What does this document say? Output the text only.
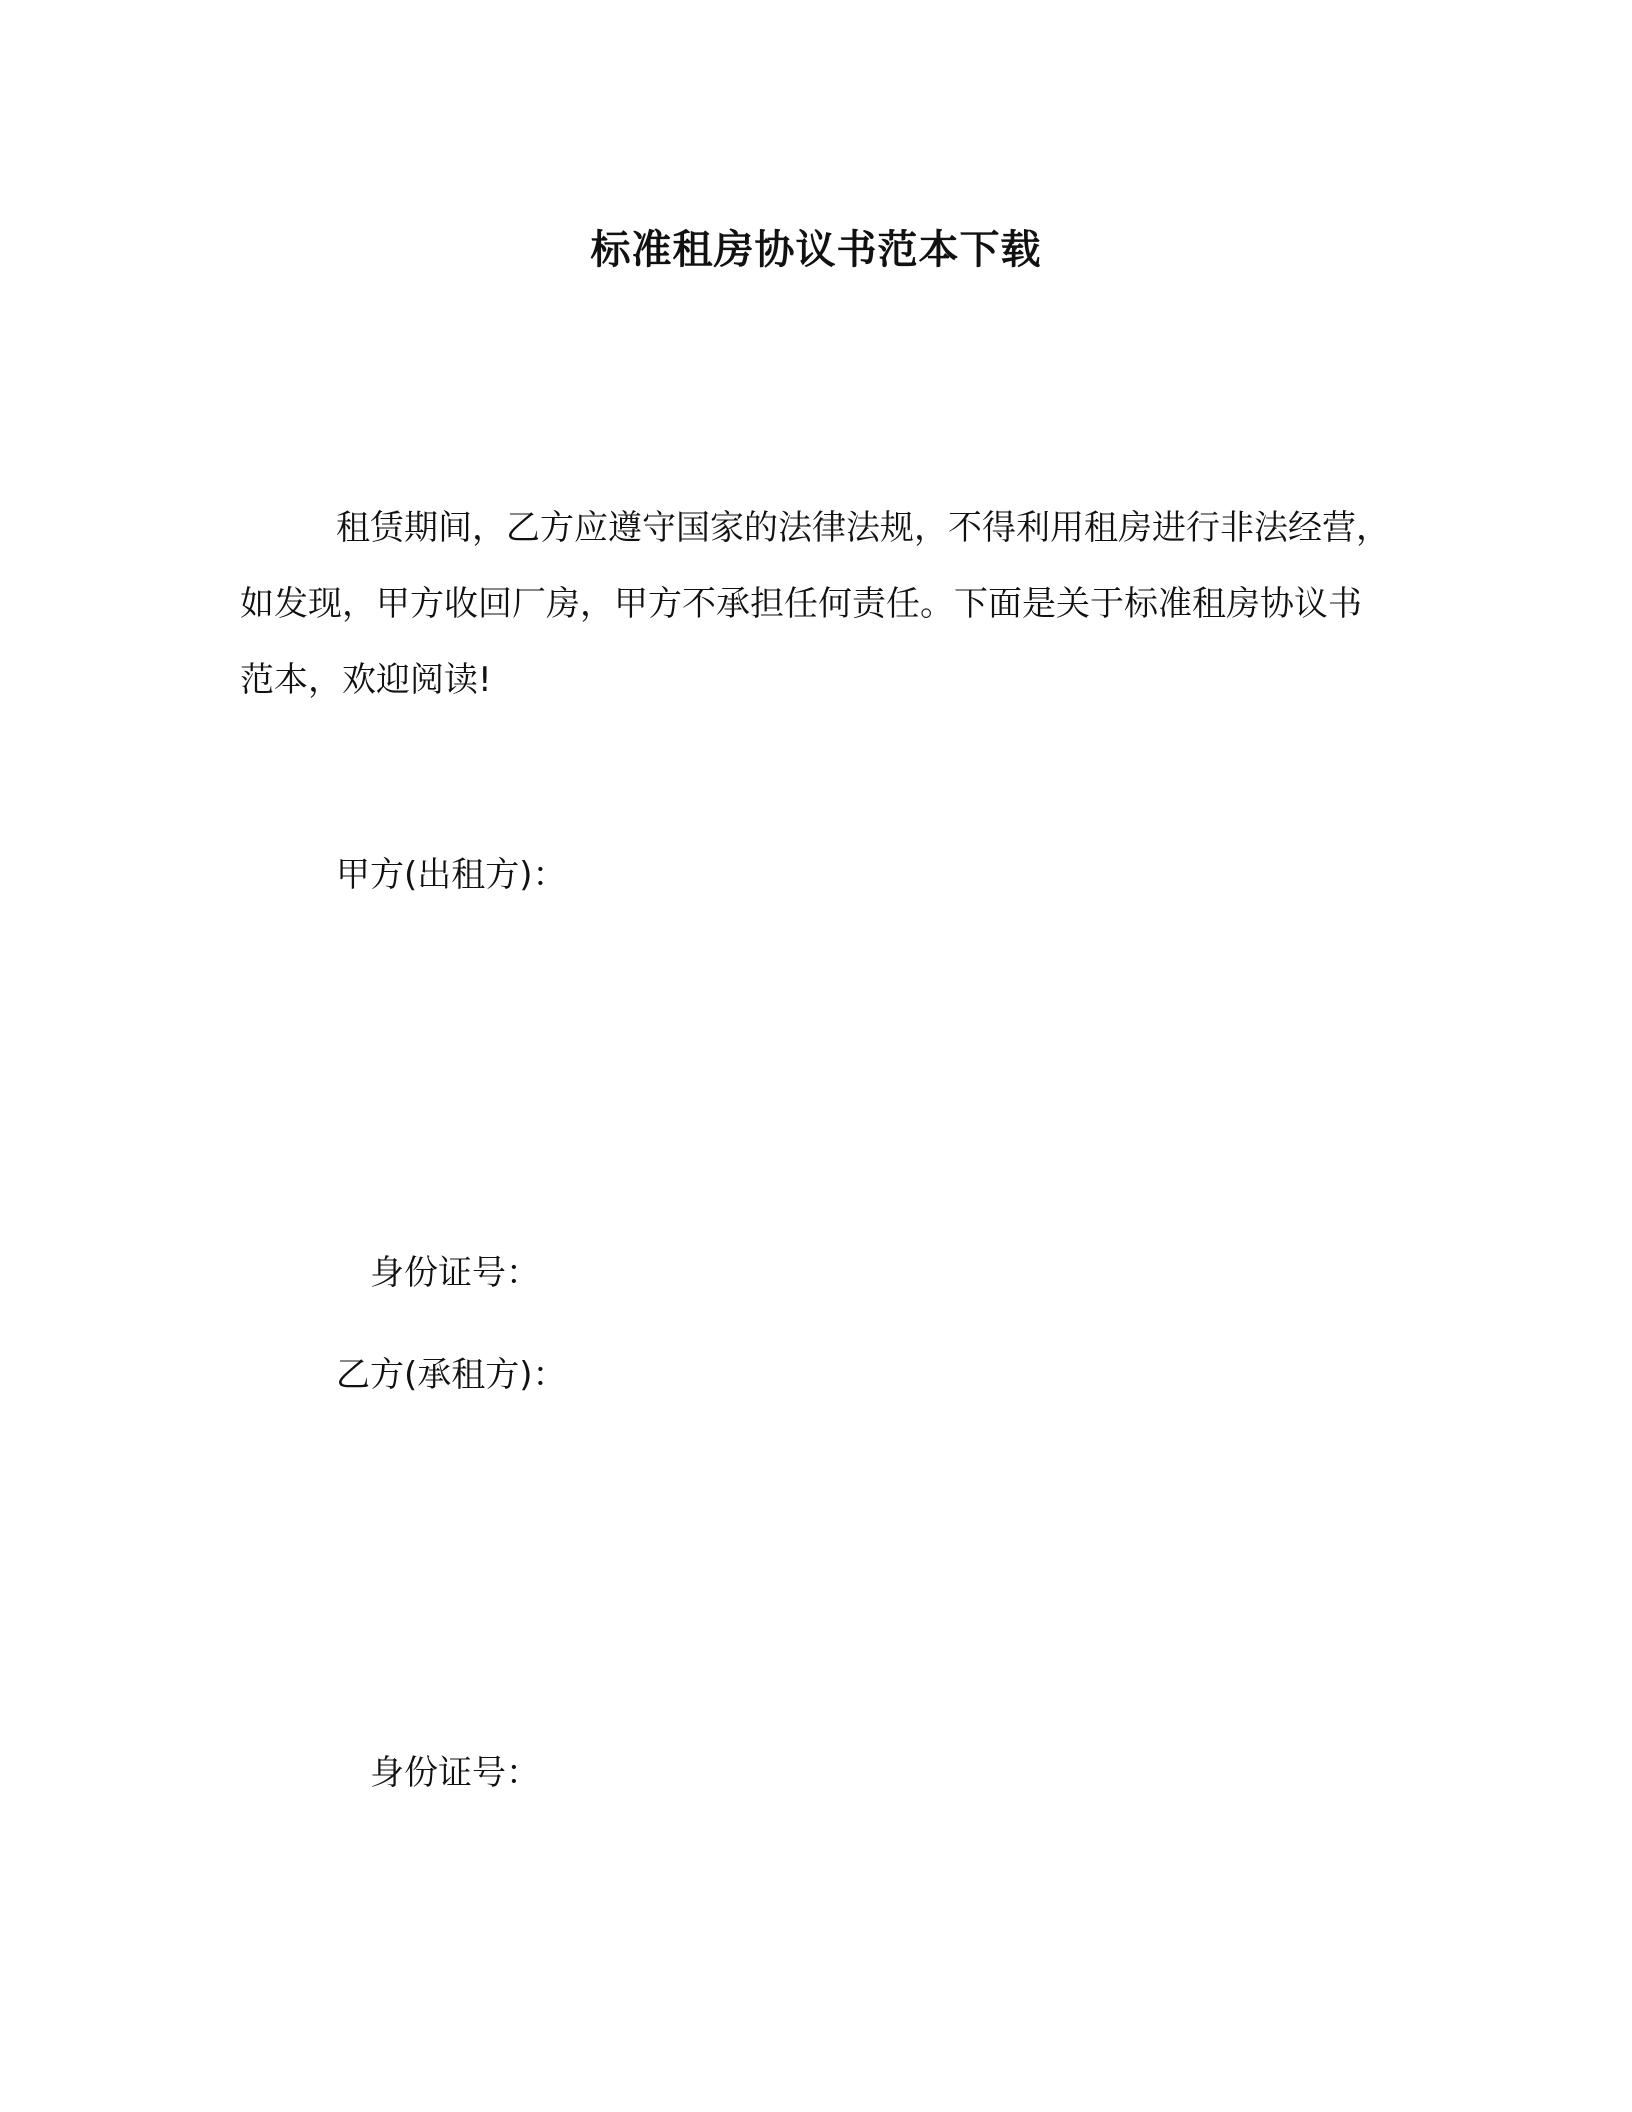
标准租房协议书范本下载

租赁期间，乙方应遵守国家的法律法规，不得利用租房进行非法经营，如发现，甲方收回厂房，甲方不承担任何责任。下面是关于标准租房协议书范本，欢迎阅读!

甲方(出租方)：
身份证号：
乙方(承租方)：
身份证号：
